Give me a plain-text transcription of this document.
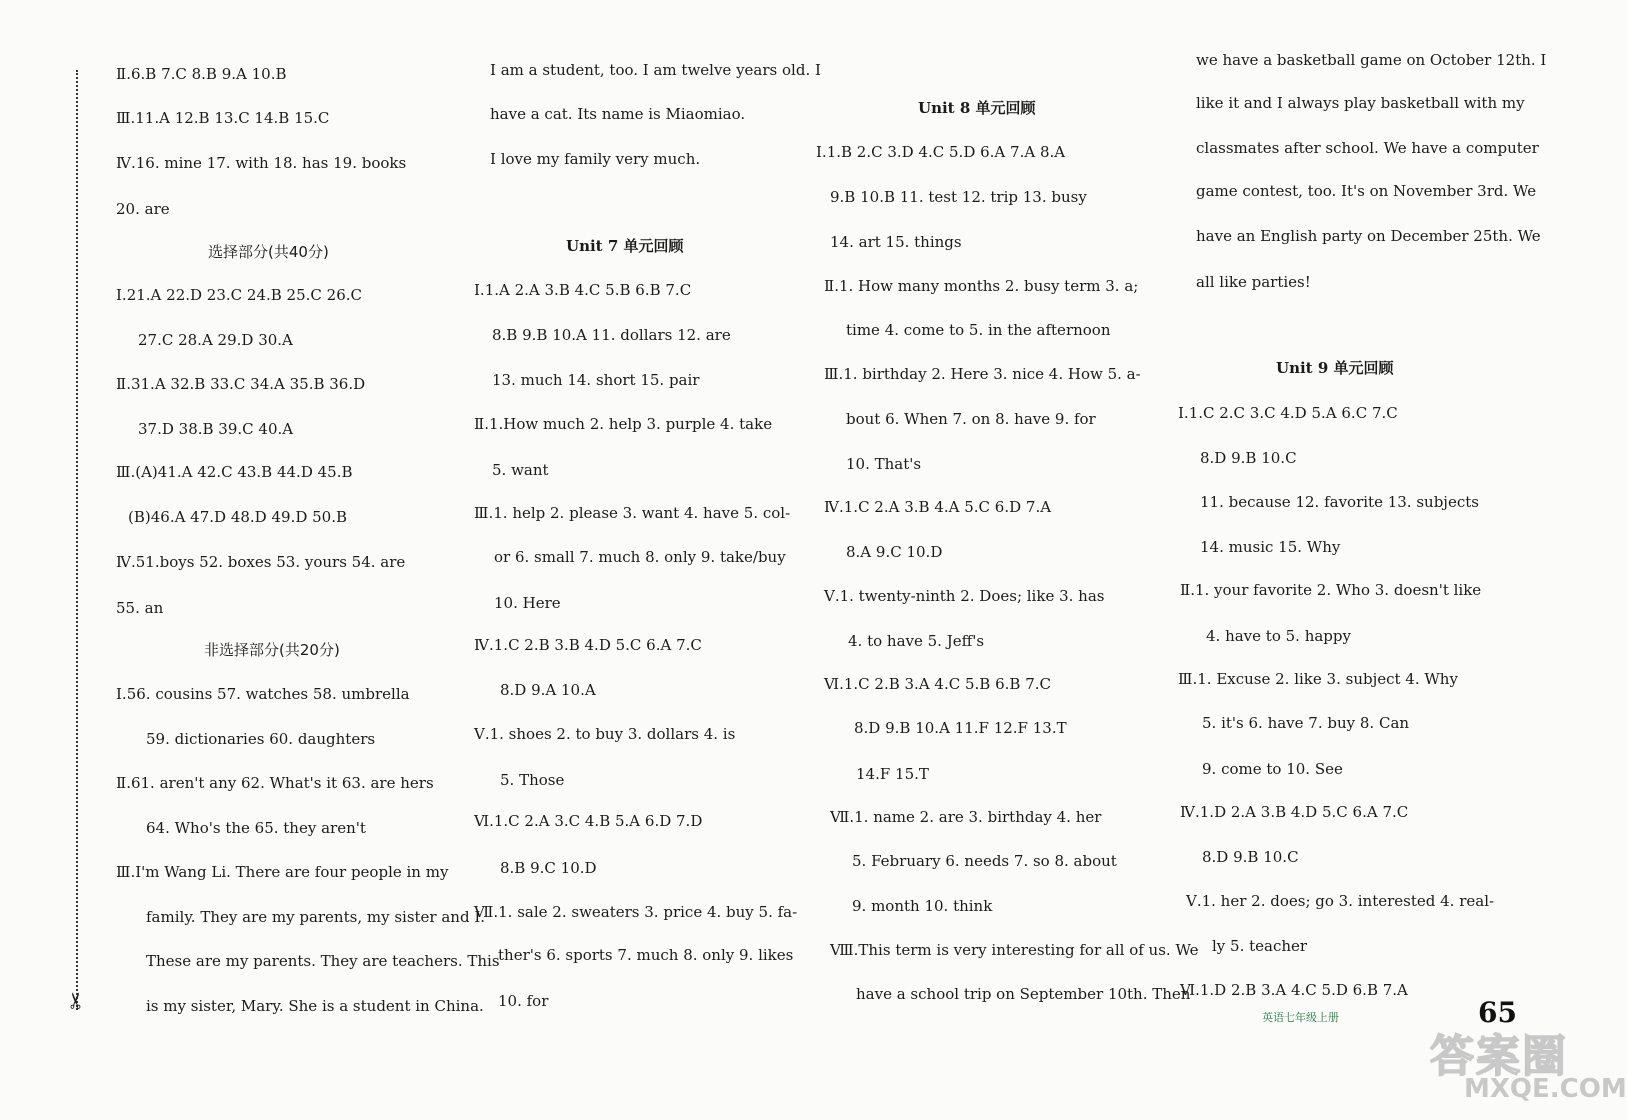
✂
Ⅱ.6.B 7.C 8.B 9.A 10.B
Ⅲ.11.A 12.B 13.C 14.B 15.C
Ⅳ.16. mine 17. with 18. has 19. books
20. are
选择部分(共40分)
Ⅰ.21.A 22.D 23.C 24.B 25.C 26.C
27.C 28.A 29.D 30.A
Ⅱ.31.A 32.B 33.C 34.A 35.B 36.D
37.D 38.B 39.C 40.A
Ⅲ.(A)41.A 42.C 43.B 44.D 45.B
(B)46.A 47.D 48.D 49.D 50.B
Ⅳ.51.boys 52. boxes 53. yours 54. are
55. an
非选择部分(共20分)
Ⅰ.56. cousins 57. watches 58. umbrella
59. dictionaries 60. daughters
Ⅱ.61. aren't any 62. What's it 63. are hers
64. Who's the 65. they aren't
Ⅲ.I'm Wang Li. There are four people in my
family. They are my parents, my sister and I.
These are my parents. They are teachers. This
is my sister, Mary. She is a student in China.
I am a student, too. I am twelve years old. I
have a cat. Its name is Miaomiao.
I love my family very much.
Unit 7 单元回顾
Ⅰ.1.A 2.A 3.B 4.C 5.B 6.B 7.C
8.B 9.B 10.A 11. dollars 12. are
13. much 14. short 15. pair
Ⅱ.1.How much 2. help 3. purple 4. take
5. want
Ⅲ.1. help 2. please 3. want 4. have 5. col-
or 6. small 7. much 8. only 9. take/buy
10. Here
Ⅳ.1.C 2.B 3.B 4.D 5.C 6.A 7.C
8.D 9.A 10.A
Ⅴ.1. shoes 2. to buy 3. dollars 4. is
5. Those
Ⅵ.1.C 2.A 3.C 4.B 5.A 6.D 7.D
8.B 9.C 10.D
Ⅶ.1. sale 2. sweaters 3. price 4. buy 5. fa-
ther's 6. sports 7. much 8. only 9. likes
10. for
Unit 8 单元回顾
Ⅰ.1.B 2.C 3.D 4.C 5.D 6.A 7.A 8.A
9.B 10.B 11. test 12. trip 13. busy
14. art 15. things
Ⅱ.1. How many months 2. busy term 3. a;
time 4. come to 5. in the afternoon
Ⅲ.1. birthday 2. Here 3. nice 4. How 5. a-
bout 6. When 7. on 8. have 9. for
10. That's
Ⅳ.1.C 2.A 3.B 4.A 5.C 6.D 7.A
8.A 9.C 10.D
Ⅴ.1. twenty-ninth 2. Does; like 3. has
4. to have 5. Jeff's
Ⅵ.1.C 2.B 3.A 4.C 5.B 6.B 7.C
8.D 9.B 10.A 11.F 12.F 13.T
14.F 15.T
Ⅶ.1. name 2. are 3. birthday 4. her
5. February 6. needs 7. so 8. about
9. month 10. think
Ⅷ.This term is very interesting for all of us. We
have a school trip on September 10th. Then
we have a basketball game on October 12th. I
like it and I always play basketball with my
classmates after school. We have a computer
game contest, too. It's on November 3rd. We
have an English party on December 25th. We
all like parties!
Unit 9 单元回顾
Ⅰ.1.C 2.C 3.C 4.D 5.A 6.C 7.C
8.D 9.B 10.C
11. because 12. favorite 13. subjects
14. music 15. Why
Ⅱ.1. your favorite 2. Who 3. doesn't like
4. have to 5. happy
Ⅲ.1. Excuse 2. like 3. subject 4. Why
5. it's 6. have 7. buy 8. Can
9. come to 10. See
Ⅳ.1.D 2.A 3.B 4.D 5.C 6.A 7.C
8.D 9.B 10.C
Ⅴ.1. her 2. does; go 3. interested 4. real-
ly 5. teacher
Ⅵ.1.D 2.B 3.A 4.C 5.D 6.B 7.A
英语七年级上册	65
答案圈
MXQE.COM
